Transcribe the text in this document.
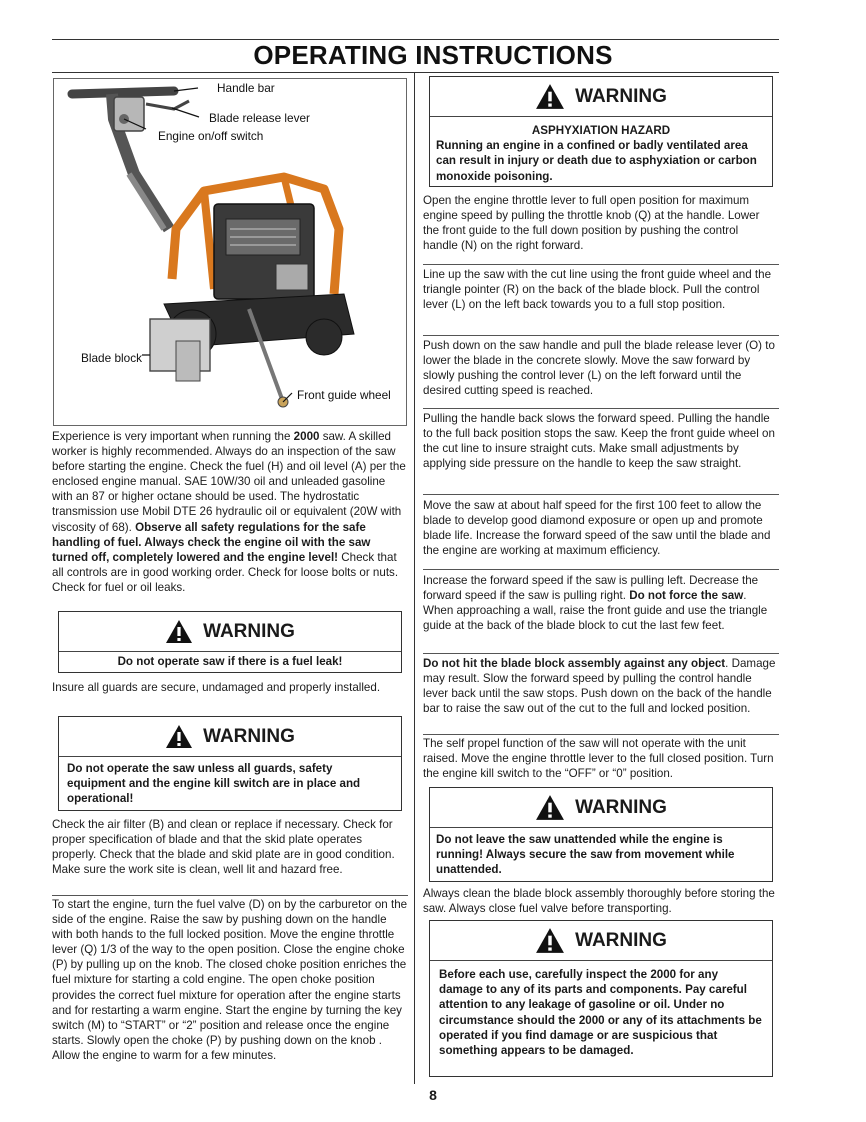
OPERATING INSTRUCTIONS
Handle bar
Blade release lever
Engine on/off switch
Blade block
Front guide wheel
Experience is very important when running the 2000 saw. A skilled worker is highly recommended. Always do an inspection of the saw before starting the engine. Check the fuel (H) and oil level (A) per the enclosed engine manual. SAE 10W/30 oil and unleaded gasoline with an 87 or higher octane should be used. The hydrostatic transmission use Mobil DTE 26 hydraulic oil or equivalent (20W with viscosity of 68). Observe all safety regulations for the safe handling of fuel. Always check the engine oil with the saw turned off, completely lowered and the engine level! Check that all controls are in good working order. Check for loose bolts or nuts. Check for fuel or oil leaks.
WARNING
Do not operate saw if there is a fuel leak!
Insure all guards are secure, undamaged and properly installed.
WARNING
Do not operate the saw unless all guards, safety equipment and the engine kill switch are in place and operational!
Check the air filter (B) and clean or replace if necessary. Check for proper specification of blade and that the skid plate operates properly. Check that the blade and skid plate are in good condition. Make sure the work site is clean, well lit and hazard free.
To start the engine, turn the fuel valve (D) on by the carburetor on the side of the engine. Raise the saw by pushing down on the handle with both hands to the full locked position. Move the engine throttle lever (Q) 1/3 of the way to the open position. Close the engine choke (P) by pulling up on the knob. The closed choke position enriches the fuel mixture for starting a cold engine. The open choke position provides the correct fuel mixture for operation after the engine starts and for restarting a warm engine. Start the engine by turning the key switch (M) to “START” or “2” position and release once the engine starts. Slowly open the choke (P) by pushing down on the knob . Allow the engine to warm for a few minutes.
WARNING
ASPHYXIATION HAZARD
Running an engine in a confined or badly ventilated area can result in injury or death due to asphyxiation or carbon monoxide poisoning.
Open the engine throttle lever to full open position for maximum engine speed by pulling the throttle knob (Q) at the handle. Lower the front guide to the full down position by pushing the control handle (N) on the right forward.
Line up the saw with the cut line using the front guide wheel and the triangle pointer (R) on the back of the blade block. Pull the control lever (L) on the left back towards you to a full stop position.
Push down on the saw handle and pull the blade release lever (O) to lower the blade in the concrete slowly. Move the saw forward by slowly pushing the control lever (L) on the left forward until the desired cutting speed is reached.
Pulling the handle back slows the forward speed. Pulling the handle to the full back position stops the saw. Keep the front guide wheel on the cut line to insure straight cuts. Make small adjustments by applying side pressure on the handle to keep the saw straight.
Move the saw at about half speed for the first 100 feet to allow the blade to develop good diamond exposure or open up and promote blade life. Increase the forward speed of the saw until the blade and the engine are working at maximum efficiency.
Increase the forward speed if the saw is pulling left. Decrease the forward speed if the saw is pulling right. Do not force the saw. When approaching a wall, raise the front guide and use the triangle guide at the back of the blade block to cut the last few feet.
Do not hit the blade block assembly against any object. Damage may result. Slow the forward speed by pulling the control handle lever back until the saw stops. Push down on the back of the handle bar to raise the saw out of the cut to the full and locked position.
The self propel function of the saw will not operate with the unit raised. Move the engine throttle lever to the full closed position. Turn the engine kill switch to the “OFF” or “0” position.
WARNING
Do not leave the saw unattended while the engine is running! Always secure the saw from movement while unattended.
Always clean the blade block assembly thoroughly before storing the saw. Always close fuel valve before transporting.
WARNING
Before each use, carefully inspect the 2000 for any damage to any of its parts and components. Pay careful attention to any leakage of gasoline or oil. Under no circumstance should the 2000 or any of its attachments be operated if you find damage or are suspicious that something appears to be damaged.
8
